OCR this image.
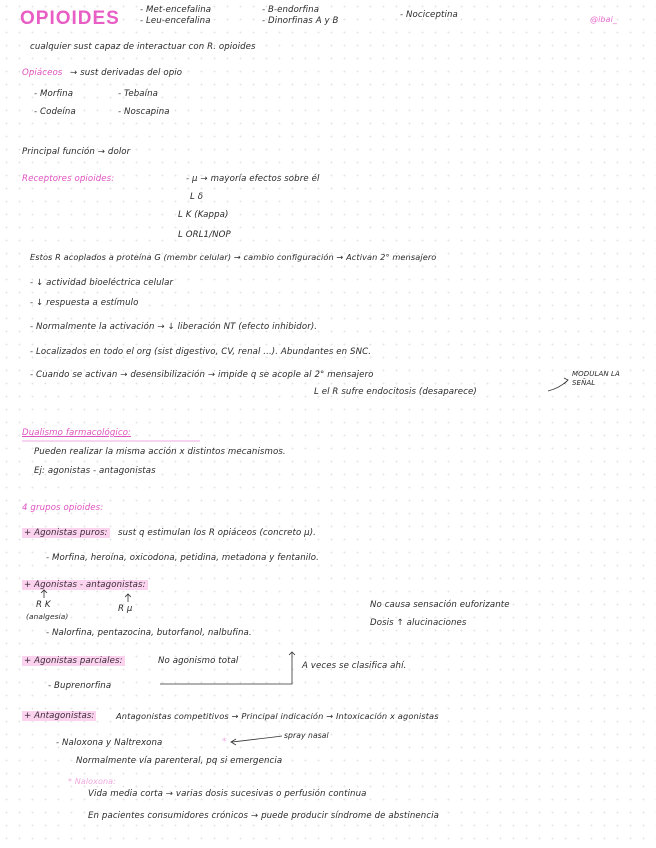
OPIOIDES - Met-encefalina
- Leu-encefalina
- B-endorfina
- Dinorfinas A y B
- Nociceptina	@ibai_
cualquier sust capaz de interactuar con R. opioides
Opiáceos → sust derivadas del opio
- Morfina	- Tebaína
- Codeína	- Noscapina
Principal función → dolor
Receptores opioides:	- μ → mayoría efectos sobre él
L δ
L K (Kappa)
L ORL1/NOP
Estos R acoplados a proteína G (membr celular) → cambio configuración → Activan 2° mensajero
- ↓ actividad bioeléctrica celular
- ↓ respuesta a estímulo
- Normalmente la activación → ↓ liberación NT (efecto inhibidor).
- Localizados en todo el org (sist digestivo, CV, renal ...). Abundantes en SNC.
- Cuando se activan → desensibilización → impide q se acople al 2° mensajero
L el R sufre endocitosis (desaparece)
MODULAN LA SEÑAL
Dualismo farmacológico:
Pueden realizar la misma acción x distintos mecanismos.
Ej: agonistas - antagonistas
4 grupos opioides:
+ Agonistas puros: sust q estimulan los R opiáceos (concreto μ).
- Morfina, heroína, oxicodona, petidina, metadona y fentanilo.
+ Agonistas - antagonistas:
R K
(analgesia)
R μ	No causa sensación euforizante
Dosis ↑ alucinaciones
- Nalorfina, pentazocina, butorfanol, nalbufina.
+ Agonistas parciales:	No agonismo total	A veces se clasifica ahí.
- Buprenorfina
+ Antagonistas:	Antagonistas competitivos → Principal indicación → Intoxicación x agonistas
- Naloxona y Naltrexona
spray nasal
Normalmente vía parenteral, pq si emergencia
* Naloxona:
Vida media corta → varias dosis sucesivas o perfusión continua
En pacientes consumidores crónicos → puede producir síndrome de abstinencia
*
